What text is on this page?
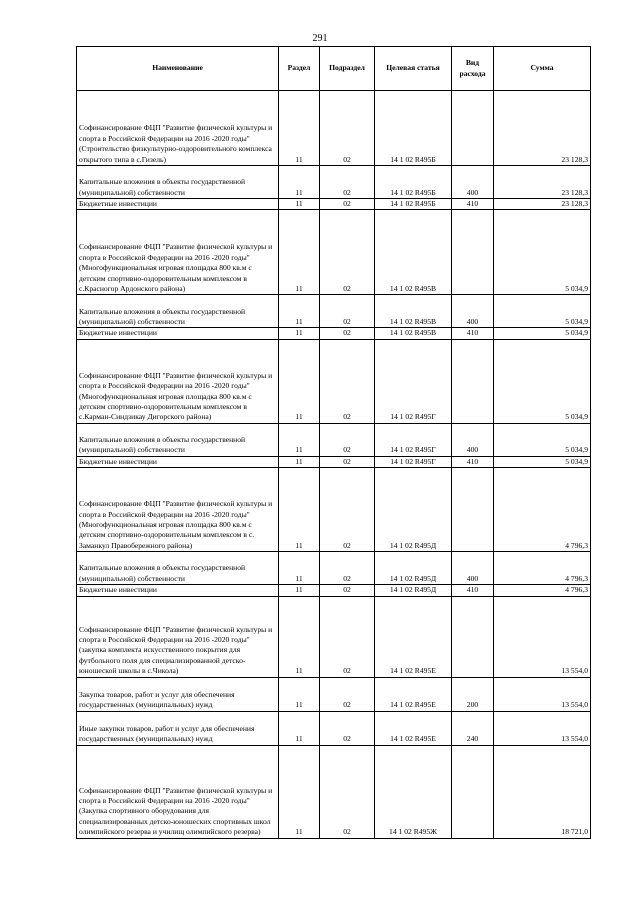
291
Наименование	Раздел	Подраздел	Целевая статья	Вид расхода	Сумма
Софинансирование ФЦП "Развитие физической культуры и спорта в Российской Федерации на 2016 -2020 годы" (Строительство физкультурно-оздоровительного комплекса открытого типа в с.Гизель)	11	02	14 1 02 R495Б		23 128,3
Капитальные вложения в объекты государственной (муниципальной) собственности	11	02	14 1 02 R495Б	400	23 128,3
Бюджетные инвестиции	11	02	14 1 02 R495Б	410	23 128,3
Софинансирование ФЦП "Развитие физической культуры и спорта в Российской Федерации на 2016 -2020 годы" (Многофункциональная игровая площадка 800 кв.м с детским спортивно-оздоровительным комплексом в с.Красногор Ардонского района)	11	02	14 1 02 R495В		5 034,9
Капитальные вложения в объекты государственной (муниципальной) собственности	11	02	14 1 02 R495В	400	5 034,9
Бюджетные инвестиции	11	02	14 1 02 R495В	410	5 034,9
Софинансирование ФЦП "Развитие физической культуры и спорта в Российской Федерации на 2016 -2020 годы" (Многофункциональная игровая площадка 800 кв.м с детским спортивно-оздоровительным комплексом в с.Карман-Синдзикау Дигорского района)	11	02	14 1 02 R495Г		5 034,9
Капитальные вложения в объекты государственной (муниципальной) собственности	11	02	14 1 02 R495Г	400	5 034,9
Бюджетные инвестиции	11	02	14 1 02 R495Г	410	5 034,9
Софинансирование ФЦП "Развитие физической культуры и спорта в Российской Федерации на 2016 -2020 годы" (Многофункциональная игровая площадка 800 кв.м с детским спортивно-оздоровительным комплексом в с. Заманкул Правобережного района)	11	02	14 1 02 R495Д		4 796,3
Капитальные вложения в объекты государственной (муниципальной) собственности	11	02	14 1 02 R495Д	400	4 796,3
Бюджетные инвестиции	11	02	14 1 02 R495Д	410	4 796,3
Софинансирование ФЦП "Развитие физической культуры и спорта в Российской Федерации на 2016 -2020 годы" (закупка комплекта искусственного покрытия для футбольного поля для специализированной детско-юношеской школы в с.Чикола)	11	02	14 1 02 R495Е		13 554,0
Закупка товаров, работ и услуг для обеспечения государственных (муниципальных) нужд	11	02	14 1 02 R495Е	200	13 554,0
Иные закупки товаров, работ и услуг для обеспечения государственных (муниципальных) нужд	11	02	14 1 02 R495Е	240	13 554,0
Софинансирование ФЦП "Развитие физической культуры и спорта в Российской Федерации на 2016 -2020 годы" (Закупка спортивного оборудования для специализированных детско-юношеских спортивных школ олимпийского резерва и училищ олимпийского резерва)	11	02	14 1 02 R495Ж		18 721,0
